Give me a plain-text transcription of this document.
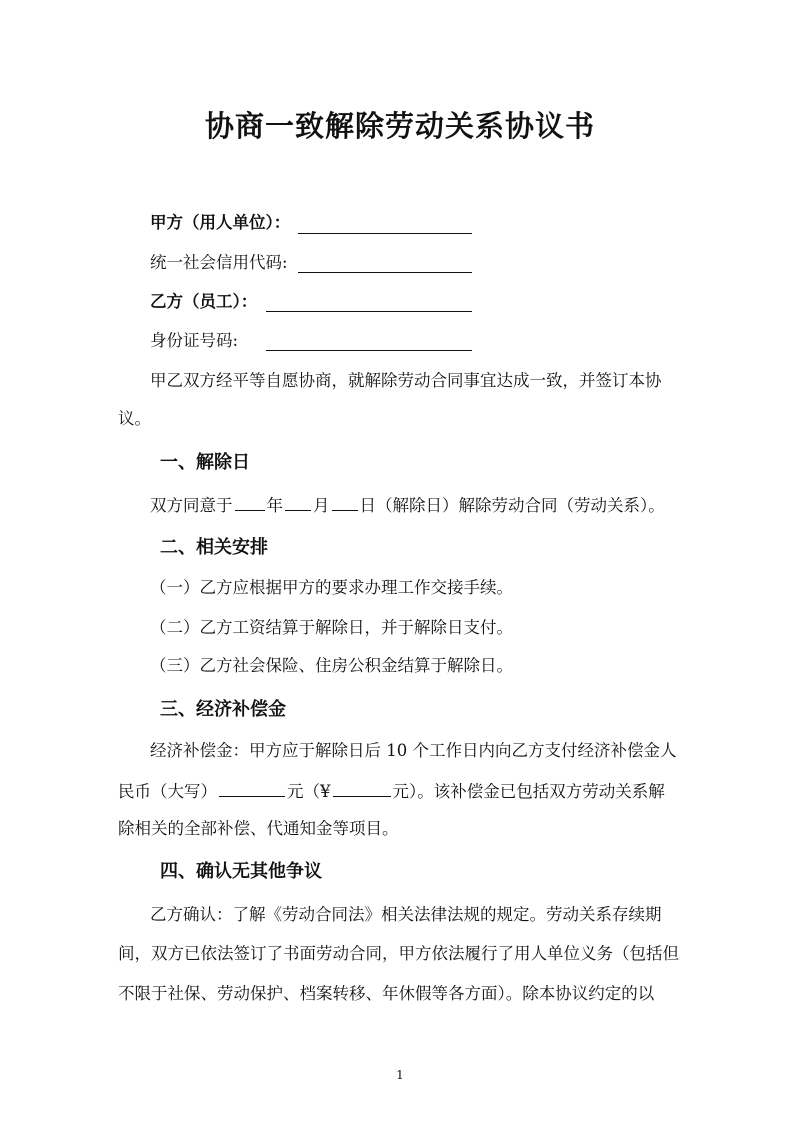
协商一致解除劳动关系协议书
甲方（用人单位）：
统一社会信用代码:
乙方（员工）：
身份证号码:
甲乙双方经平等自愿协商，就解除劳动合同事宜达成一致，并签订本协
议。
一、解除日
双方同意于 年 月 日（解除日）解除劳动合同（劳动关系）。
二、相关安排
（一）乙方应根据甲方的要求办理工作交接手续。
（二）乙方工资结算于解除日，并于解除日支付。
（三）乙方社会保险、住房公积金结算于解除日。
三、经济补偿金
经济补偿金：甲方应于解除日后 10 个工作日内向乙方支付经济补偿金人
民币（大写）	元（¥	元）。该补偿金已包括双方劳动关系解
除相关的全部补偿、代通知金等项目。
四、确认无其他争议
乙方确认：了解《劳动合同法》相关法律法规的规定。劳动关系存续期
间，双方已依法签订了书面劳动合同，甲方依法履行了用人单位义务（包括但
不限于社保、劳动保护、档案转移、年休假等各方面）。除本协议约定的以
1
